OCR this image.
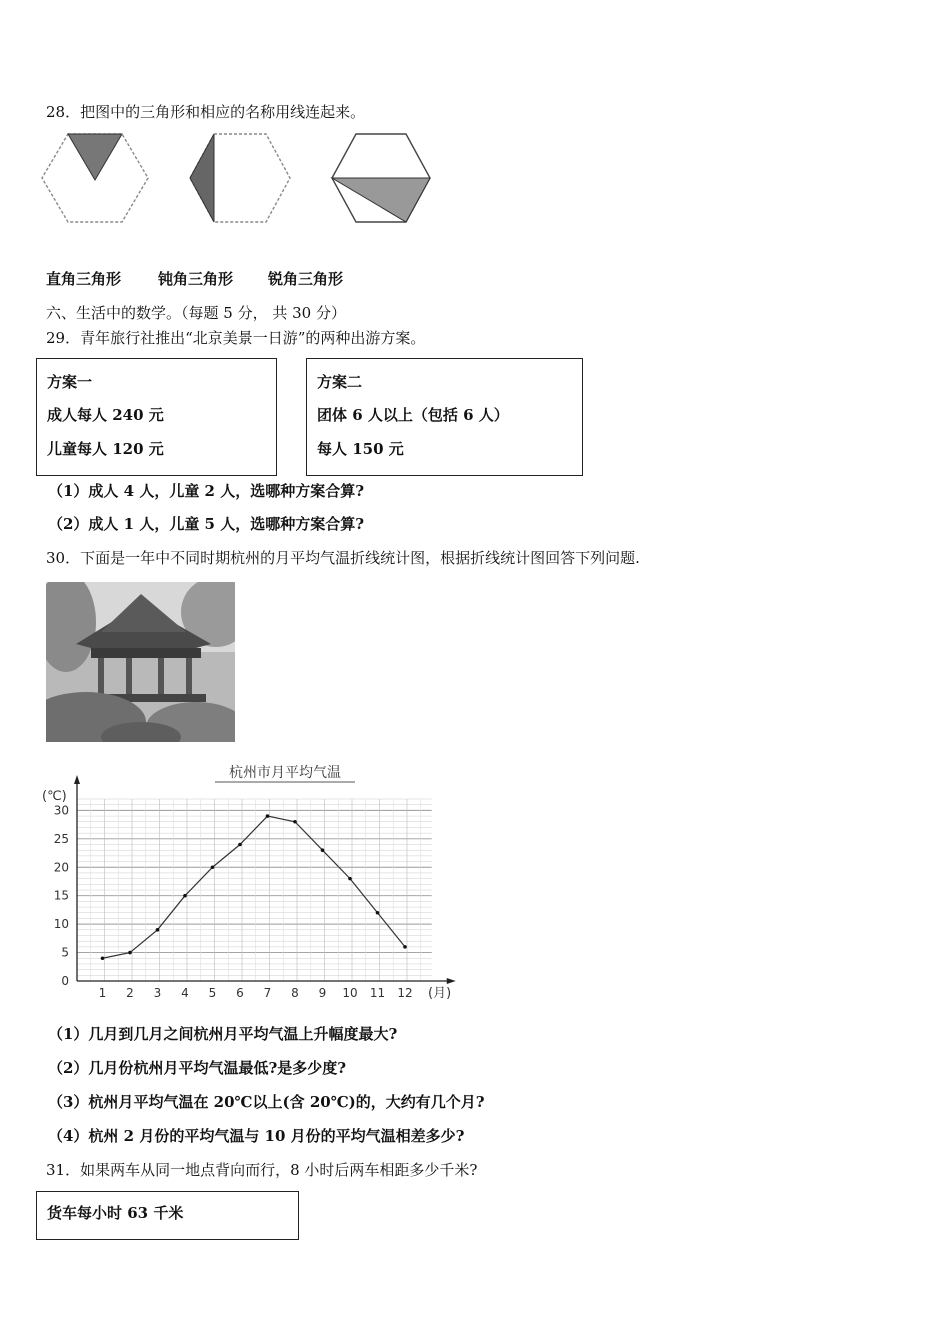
28．把图中的三角形和相应的名称用线连起来。
直角三角形 钝角三角形 锐角三角形
六、生活中的数学。（每题 5 分， 共 30 分）
29．青年旅行社推出“北京美景一日游”的两种出游方案。
方案一
成人每人 240 元
儿童每人 120 元
方案二
团体 6 人以上（包括 6 人）
每人 150 元
（1）成人 4 人，儿童 2 人，选哪种方案合算?
（2）成人 1 人，儿童 5 人，选哪种方案合算?
30．下面是一年中不同时期杭州的月平均气温折线统计图，根据折线统计图回答下列问题.
杭州市月平均气温
(℃)
(月)
0
5
10
15
20
25
30
1 2 3 4 5 6 7 8 9 10 11 12
（1）几月到几月之间杭州月平均气温上升幅度最大?
（2）几月份杭州月平均气温最低?是多少度?
（3）杭州月平均气温在 20℃以上(含 20℃)的，大约有几个月?
（4）杭州 2 月份的平均气温与 10 月份的平均气温相差多少?
31．如果两车从同一地点背向而行，8 小时后两车相距多少千米?
货车每小时 63 千米
